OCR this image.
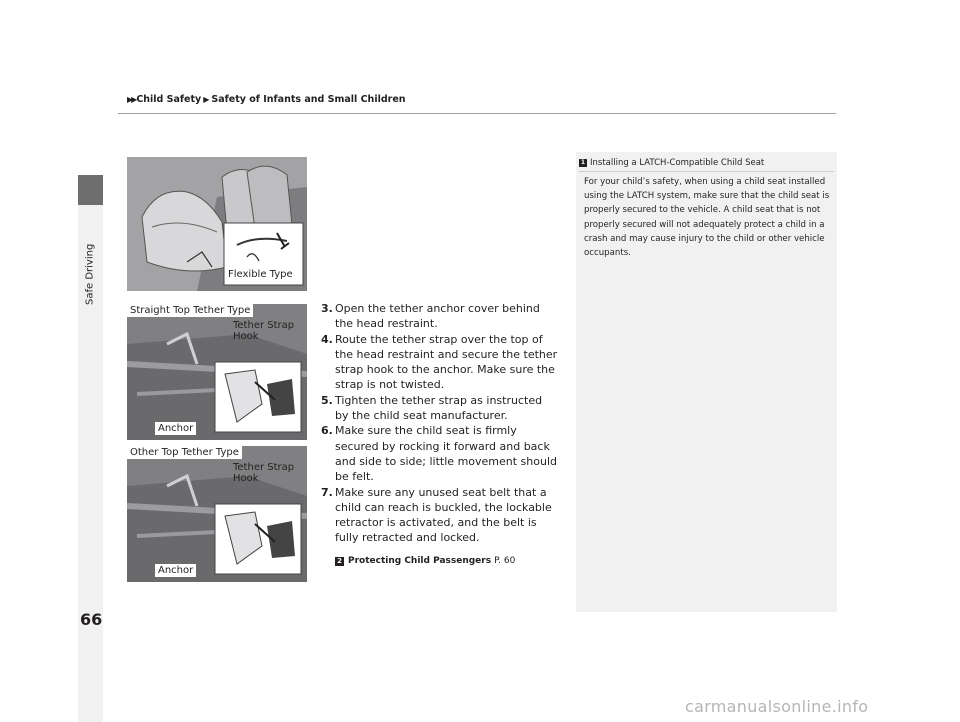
Safe Driving
▶▶ Child Safety ▶ Safety of Infants and Small Children
Flexible Type
Straight Top Tether Type
Tether Strap
Hook
Anchor
Other Top Tether Type
Tether Strap
Hook
Anchor
3. Open the tether anchor cover behind the head restraint.
4. Route the tether strap over the top of the head restraint and secure the tether strap hook to the anchor. Make sure the strap is not twisted.
5. Tighten the tether strap as instructed by the child seat manufacturer.
6. Make sure the child seat is firmly secured by rocking it forward and back and side to side; little movement should be felt.
7. Make sure any unused seat belt that a child can reach is buckled, the lockable retractor is activated, and the belt is fully retracted and locked.
2 Protecting Child Passengers P. 60
1 Installing a LATCH-Compatible Child Seat
For your child’s safety, when using a child seat installed using the LATCH system, make sure that the child seat is properly secured to the vehicle. A child seat that is not properly secured will not adequately protect a child in a crash and may cause injury to the child or other vehicle occupants.
66
carmanualsonline.info
